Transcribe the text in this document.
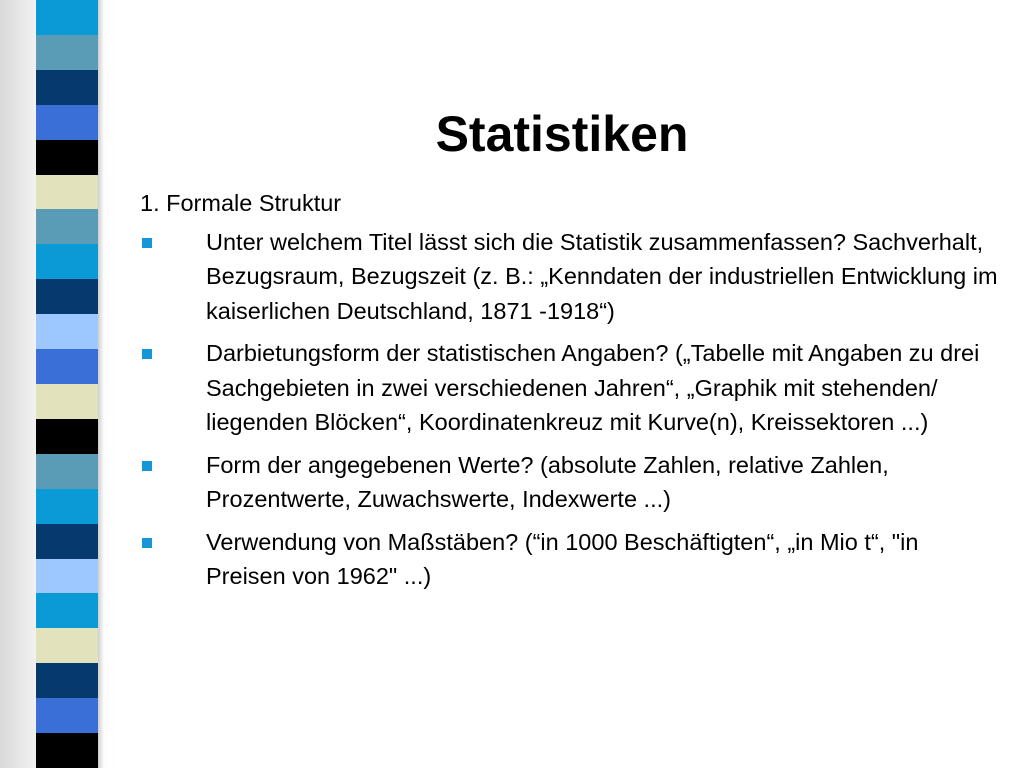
Statistiken

1. Formale Struktur

Unter welchem Titel lässt sich die Statistik zusammenfassen? Sachverhalt, Bezugsraum, Bezugszeit (z. B.: „Kenndaten der industriellen Entwicklung im kaiserlichen Deutschland, 1871 -1918“)
Darbietungsform der statistischen Angaben? („Tabelle mit Angaben zu drei Sachgebieten in zwei verschiedenen Jahren“, „Graphik mit stehenden/ liegenden Blöcken“, Koordinatenkreuz mit Kurve(n), Kreissektoren ...)
Form der angegebenen Werte? (absolute Zahlen, relative Zahlen, Prozentwerte, Zuwachswerte, Indexwerte ...)
Verwendung von Maßstäben? (“in 1000 Beschäftigten“, „in Mio t“, "in Preisen von 1962" ...)
